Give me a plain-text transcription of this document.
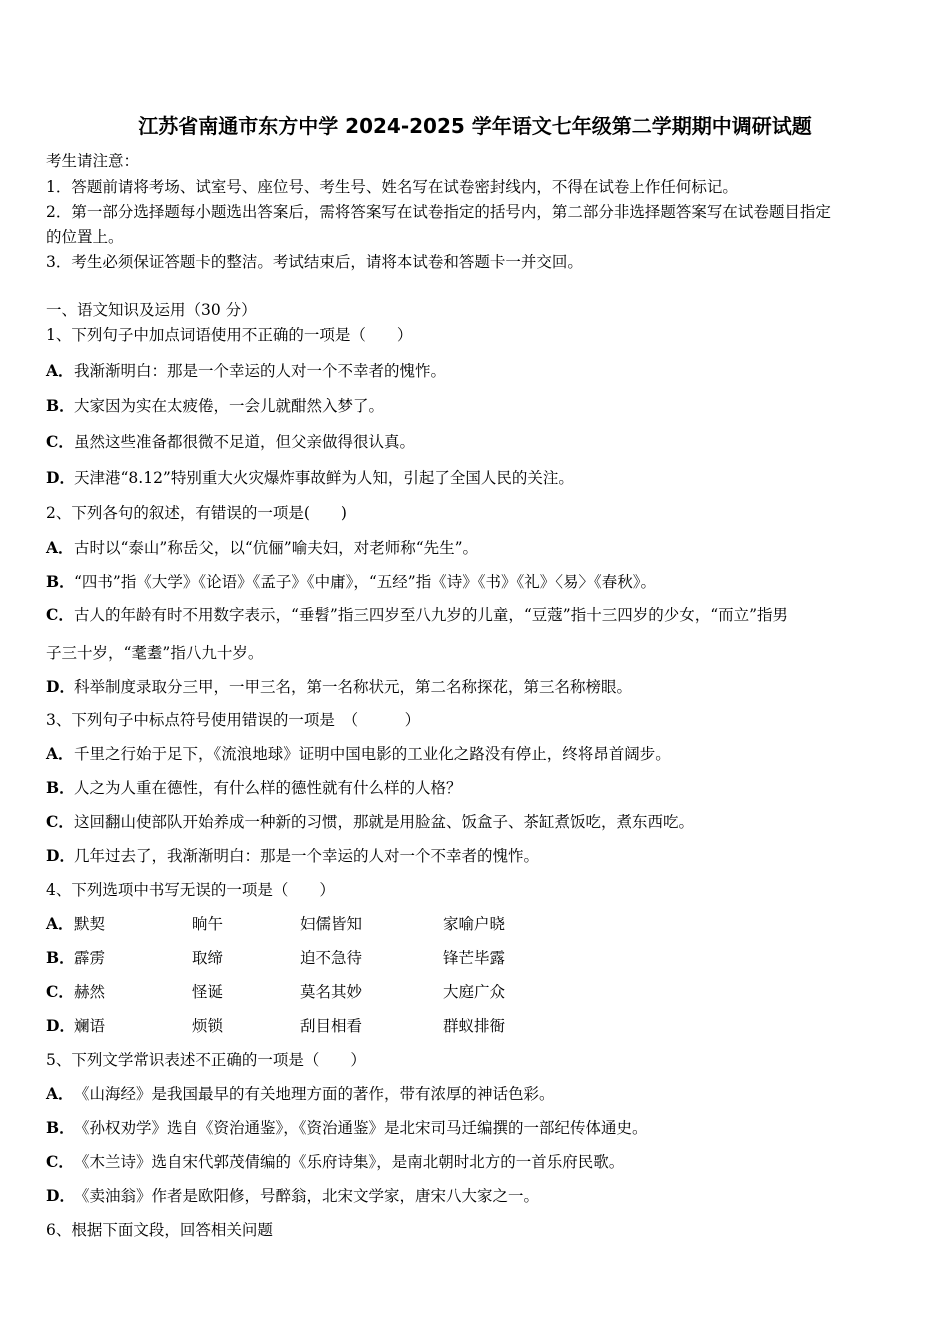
江苏省南通市东方中学 2024-2025 学年语文七年级第二学期期中调研试题
考生请注意：
1．答题前请将考场、试室号、座位号、考生号、姓名写在试卷密封线内，不得在试卷上作任何标记。
2．第一部分选择题每小题选出答案后，需将答案写在试卷指定的括号内，第二部分非选择题答案写在试卷题目指定
的位置上。
3．考生必须保证答题卡的整洁。考试结束后，请将本试卷和答题卡一并交回。
一、语文知识及运用（30 分）
1、下列句子中加点词语使用不正确的一项是（　　）
A．我渐渐明白：那是一个幸运的人对一个不幸者的愧怍。
B．大家因为实在太疲倦，一会儿就酣然入梦了。
C．虽然这些准备都很微不足道，但父亲做得很认真。
D．天津港“8.12”特别重大火灾爆炸事故鲜为人知，引起了全国人民的关注。
2、下列各句的叙述，有错误的一项是(　　)
A．古时以“泰山”称岳父，以“伉俪”喻夫妇，对老师称“先生”。
B．“四书”指《大学》《论语》《孟子》《中庸》，“五经”指《诗》《书》《礼》〈易〉《春秋》。
C．古人的年龄有时不用数字表示，“垂髫”指三四岁至八九岁的儿童，“豆蔻”指十三四岁的少女，“而立”指男
子三十岁，“耄耋”指八九十岁。
D．科举制度录取分三甲，一甲三名，第一名称状元，第二名称探花，第三名称榜眼。
3、下列句子中标点符号使用错误的一项是　（　　　）
A．千里之行始于足下，《流浪地球》证明中国电影的工业化之路没有停止，终将昂首阔步。
B．人之为人重在德性，有什么样的德性就有什么样的人格？
C．这回翻山使部队开始养成一种新的习惯，那就是用脸盆、饭盒子、茶缸煮饭吃，煮东西吃。
D．几年过去了，我渐渐明白：那是一个幸运的人对一个不幸者的愧怍。
4、下列选项中书写无误的一项是（　　）
A． 默契	晌午	妇儒皆知	家喻户晓
B． 霹雳	取缔	迫不急待	锋芒毕露
C． 赫然	怪诞	莫名其妙	大庭广众
D． 斓语	烦锁	刮目相看	群蚁排衙
5、下列文学常识表述不正确的一项是（　　）
A．《山海经》是我国最早的有关地理方面的著作，带有浓厚的神话色彩。
B．《孙权劝学》选自《资治通鉴》，《资治通鉴》是北宋司马迁编撰的一部纪传体通史。
C．《木兰诗》选自宋代郭茂倩编的《乐府诗集》，是南北朝时北方的一首乐府民歌。
D．《卖油翁》作者是欧阳修，号醉翁，北宋文学家，唐宋八大家之一。
6、根据下面文段，回答相关问题
